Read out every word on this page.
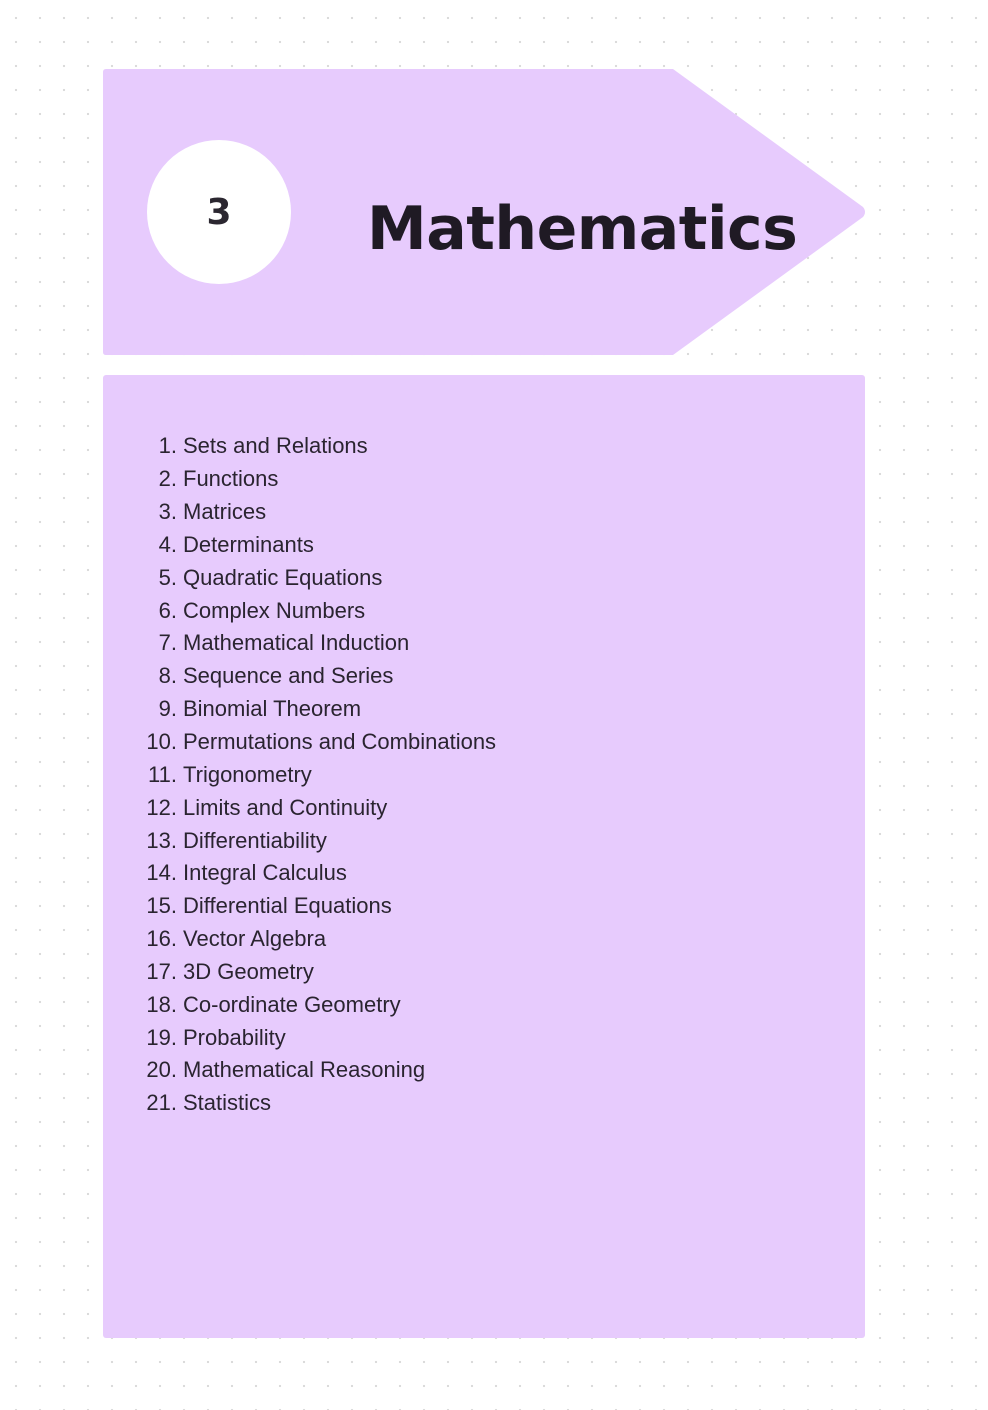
3 Mathematics
1. Sets and Relations
2. Functions
3. Matrices
4. Determinants
5. Quadratic Equations
6. Complex Numbers
7. Mathematical Induction
8. Sequence and Series
9. Binomial Theorem
10. Permutations and Combinations
11. Trigonometry
12. Limits and Continuity
13. Differentiability
14. Integral Calculus
15. Differential Equations
16. Vector Algebra
17. 3D Geometry
18. Co-ordinate Geometry
19. Probability
20. Mathematical Reasoning
21. Statistics
